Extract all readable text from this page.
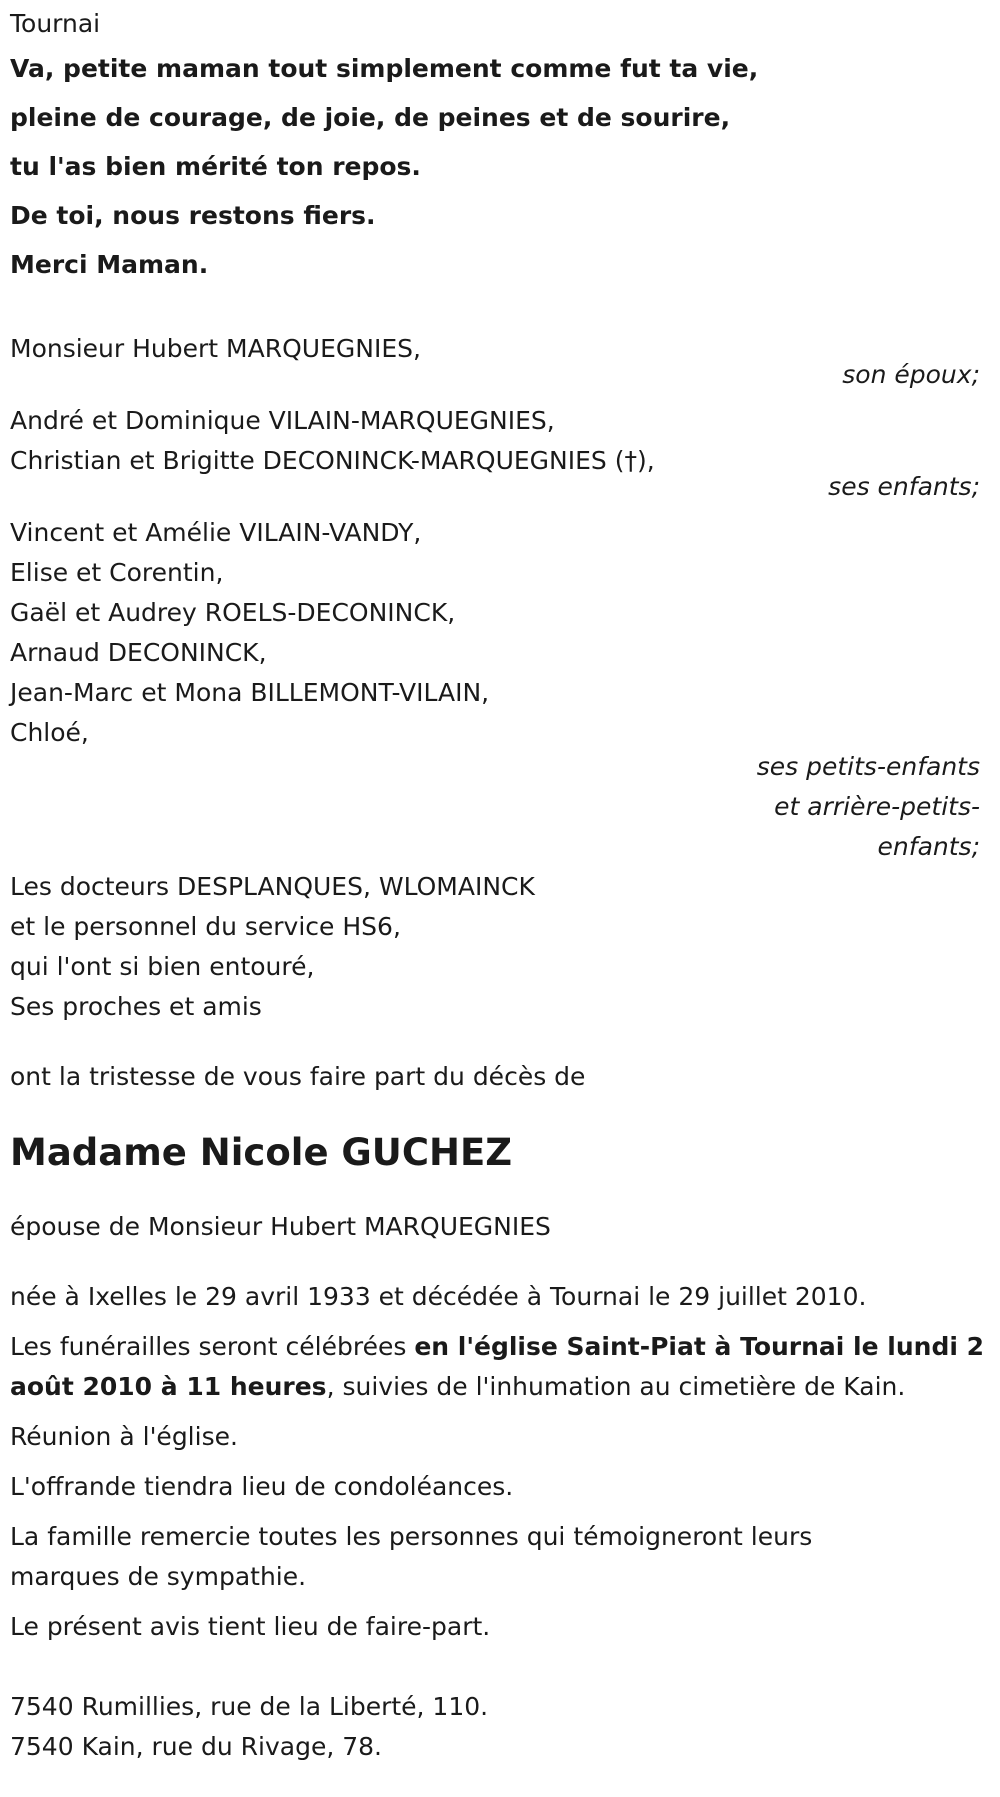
Tournai
Va, petite maman tout simplement comme fut ta vie,
pleine de courage, de joie, de peines et de sourire,
tu l'as bien mérité ton repos.
De toi, nous restons fiers.
Merci Maman.
Monsieur Hubert MARQUEGNIES,
son époux;
André et Dominique VILAIN-MARQUEGNIES,
Christian et Brigitte DECONINCK-MARQUEGNIES (†),
ses enfants;
Vincent et Amélie VILAIN-VANDY,
Elise et Corentin,
Gaël et Audrey ROELS-DECONINCK,
Arnaud DECONINCK,
Jean-Marc et Mona BILLEMONT-VILAIN,
Chloé,
ses petits-enfants
et arrière-petits-
enfants;
Les docteurs DESPLANQUES, WLOMAINCK
et le personnel du service HS6,
qui l'ont si bien entouré,
Ses proches et amis
ont la tristesse de vous faire part du décès de
Madame Nicole GUCHEZ
épouse de Monsieur Hubert MARQUEGNIES
née à Ixelles le 29 avril 1933 et décédée à Tournai le 29 juillet 2010.
Les funérailles seront célébrées en l'église Saint-Piat à Tournai le lundi 2 août 2010 à 11 heures, suivies de l'inhumation au cimetière de Kain.
Réunion à l'église.
L'offrande tiendra lieu de condoléances.
La famille remercie toutes les personnes qui témoigneront leurs marques de sympathie.
Le présent avis tient lieu de faire-part.
7540 Rumillies, rue de la Liberté, 110.
7540 Kain, rue du Rivage, 78.
